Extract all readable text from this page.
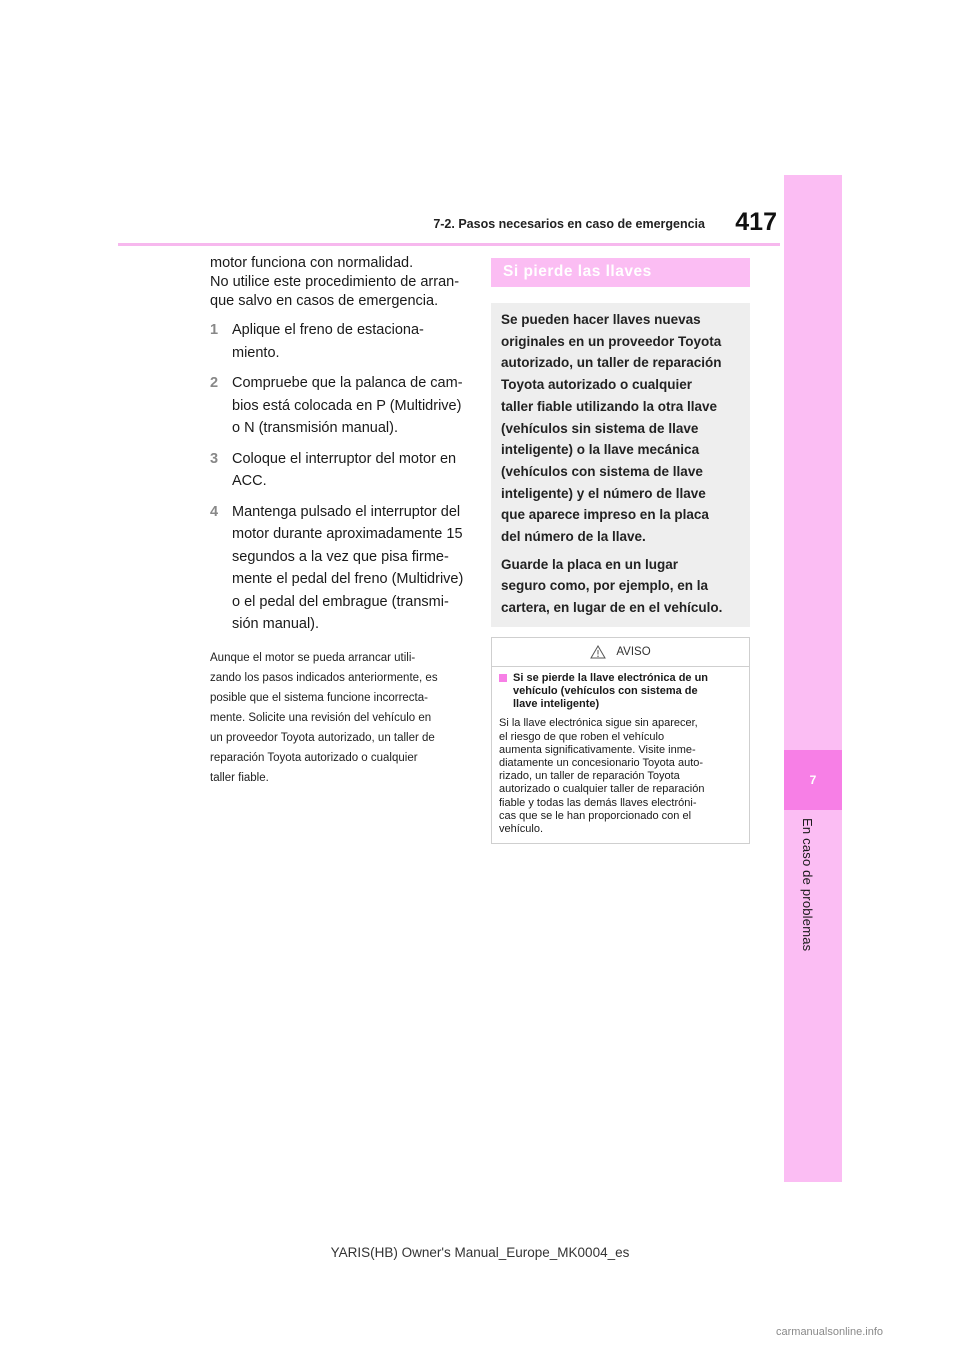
7-2. Pasos necesarios en caso de emergencia	417
7
En caso de problemas

motor funciona con normalidad.
No utilice este procedimiento de arran-
que salvo en casos de emergencia.

1 Aplique el freno de estaciona-
miento.
2 Compruebe que la palanca de cam-
bios está colocada en P (Multidrive)
o N (transmisión manual).
3 Coloque el interruptor del motor en
ACC.
4 Mantenga pulsado el interruptor del
motor durante aproximadamente 15
segundos a la vez que pisa firme-
mente el pedal del freno (Multidrive)
o el pedal del embrague (transmi-
sión manual).

Aunque el motor se pueda arrancar utili-
zando los pasos indicados anteriormente, es
posible que el sistema funcione incorrecta-
mente. Solicite una revisión del vehículo en
un proveedor Toyota autorizado, un taller de
reparación Toyota autorizado o cualquier
taller fiable.

Si pierde las llaves

Se pueden hacer llaves nuevas
originales en un proveedor Toyota
autorizado, un taller de reparación
Toyota autorizado o cualquier
taller fiable utilizando la otra llave
(vehículos sin sistema de llave
inteligente) o la llave mecánica
(vehículos con sistema de llave
inteligente) y el número de llave
que aparece impreso en la placa
del número de la llave.

Guarde la placa en un lugar
seguro como, por ejemplo, en la
cartera, en lugar de en el vehículo.

AVISO
Si se pierde la llave electrónica de un
vehículo (vehículos con sistema de
llave inteligente)
Si la llave electrónica sigue sin aparecer,
el riesgo de que roben el vehículo
aumenta significativamente. Visite inme-
diatamente un concesionario Toyota auto-
rizado, un taller de reparación Toyota
autorizado o cualquier taller de reparación
fiable y todas las demás llaves electróni-
cas que se le han proporcionado con el
vehículo.
YARIS(HB) Owner's Manual_Europe_MK0004_es
carmanualsonline.info
